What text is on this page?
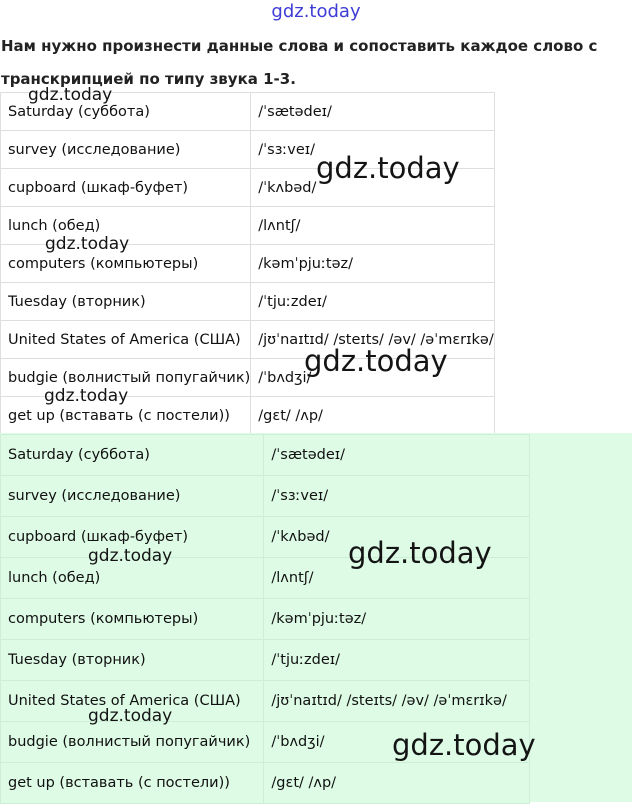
gdz.today
Нам нужно произнести данные слова и сопоставить каждое слово с транскрипцией по типу звука 1-3.
Saturday (суббота)	/ˈsætədeɪ/
survey (исследование)	/ˈsɜːveɪ/
cupboard (шкаф-буфет)	/ˈkʌbəd/
lunch (обед)	/lʌntʃ/
computers (компьютеры)	/kəmˈpjuːtəz/
Tuesday (вторник)	/ˈtjuːzdeɪ/
United States of America (США)	/jʊˈnaɪtɪd/ /steɪts/ /əv/ /əˈmɛrɪkə/
budgie (волнистый попугайчик)	/ˈbʌdʒi/
get up (вставать (с постели))	/gɛt/ /ʌp/
Saturday (суббота)	/ˈsætədeɪ/
survey (исследование)	/ˈsɜːveɪ/
cupboard (шкаф-буфет)	/ˈkʌbəd/
lunch (обед)	/lʌntʃ/
computers (компьютеры)	/kəmˈpjuːtəz/
Tuesday (вторник)	/ˈtjuːzdeɪ/
United States of America (США)	/jʊˈnaɪtɪd/ /steɪts/ /əv/ /əˈmɛrɪkə/
budgie (волнистый попугайчик)	/ˈbʌdʒi/
get up (вставать (с постели))	/gɛt/ /ʌp/
gdz.today
gdz.today
gdz.today
gdz.today
gdz.today
gdz.today	gdz.today
gdz.today
gdz.today
